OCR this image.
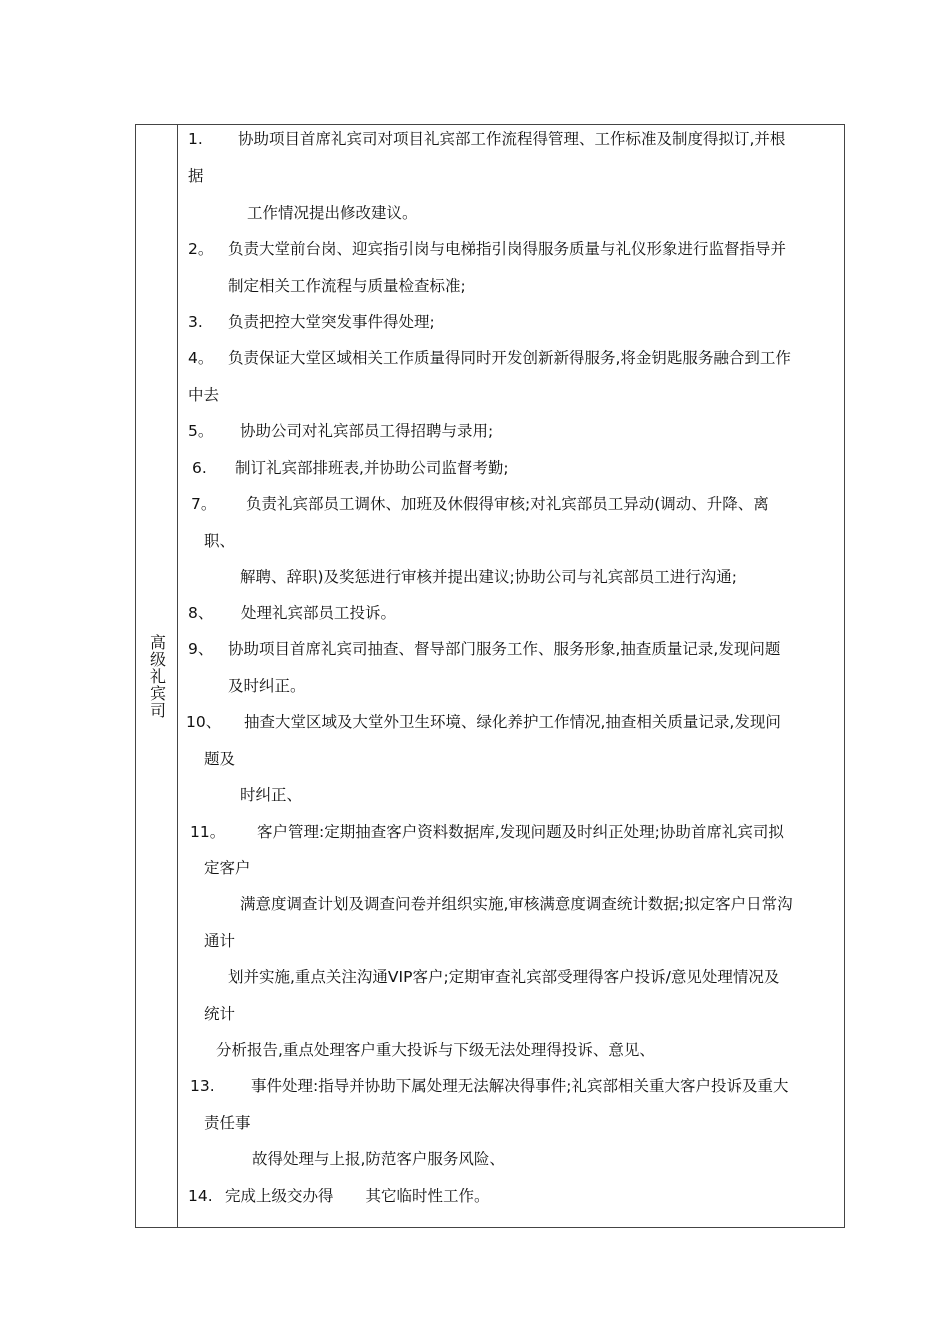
高级礼宾司
1. 协助项目首席礼宾司对项目礼宾部工作流程得管理、工作标准及制度得拟订,并根
据
工作情况提出修改建议。
2。 负责大堂前台岗、迎宾指引岗与电梯指引岗得服务质量与礼仪形象进行监督指导并
制定相关工作流程与质量检查标准;
3. 负责把控大堂突发事件得处理;
4。 负责保证大堂区域相关工作质量得同时开发创新新得服务,将金钥匙服务融合到工作
中去
5。 协助公司对礼宾部员工得招聘与录用;
6. 制订礼宾部排班表,并协助公司监督考勤;
7。 负责礼宾部员工调休、加班及休假得审核;对礼宾部员工异动(调动、升降、离
职、
解聘、辞职)及奖惩进行审核并提出建议;协助公司与礼宾部员工进行沟通;
8、 处理礼宾部员工投诉。
9、 协助项目首席礼宾司抽查、督导部门服务工作、服务形象,抽查质量记录,发现问题
及时纠正。
10、 抽查大堂区域及大堂外卫生环境、绿化养护工作情况,抽查相关质量记录,发现问
题及
时纠正、
11。 客户管理:定期抽查客户资料数据库,发现问题及时纠正处理;协助首席礼宾司拟
定客户
满意度调查计划及调查问卷并组织实施,审核满意度调查统计数据;拟定客户日常沟
通计
划并实施,重点关注沟通VIP客户;定期审查礼宾部受理得客户投诉/意见处理情况及
统计
分析报告,重点处理客户重大投诉与下级无法处理得投诉、意见、
13. 事件处理:指导并协助下属处理无法解决得事件;礼宾部相关重大客户投诉及重大
责任事
故得处理与上报,防范客户服务风险、
14. 完成上级交办得 其它临时性工作。
